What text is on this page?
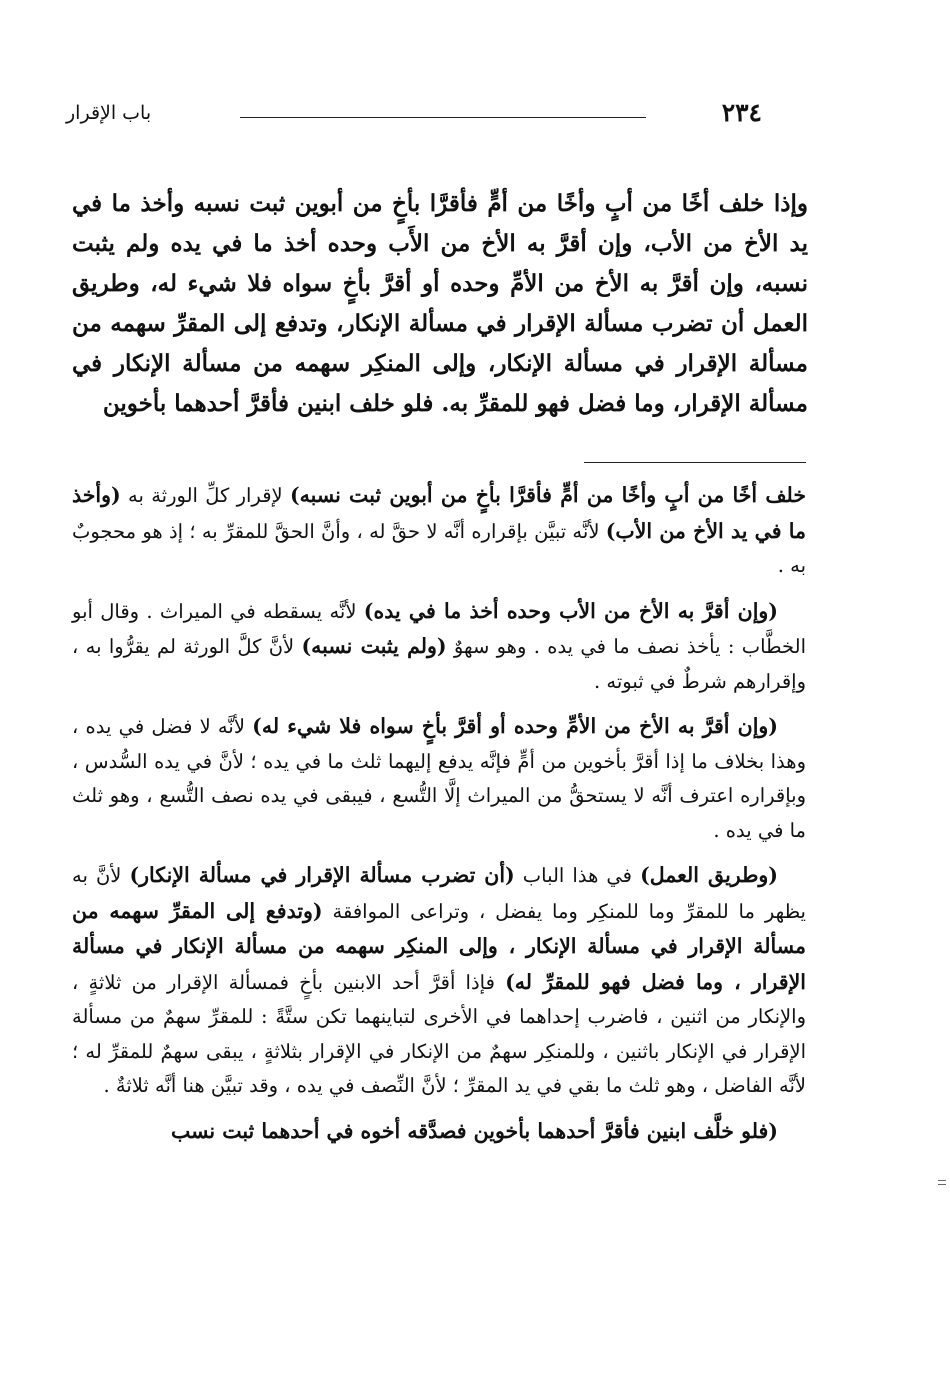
٢٣٤
باب الإقرار

وإذا خلف أخًا من أبٍ وأخًا من أمٍّ فأقرَّا بأخٍ من أبوين ثبت نسبه وأخذ ما في يد الأخ من الأب، وإن أقرَّ به الأخ من الأَب وحده أخذ ما في يده ولم يثبت نسبه، وإن أقرَّ به الأخ من الأمِّ وحده أو أقرَّ بأخٍ سواه فلا شيء له، وطريق العمل أن تضرب مسألة الإقرار في مسألة الإنكار، وتدفع إلى المقرِّ سهمه من مسألة الإقرار في مسألة الإنكار، وإلى المنكِر سهمه من مسألة الإنكار في مسألة الإقرار، وما فضل فهو للمقرِّ به. فلو خلف ابنين فأقرَّ أحدهما بأخوين

خلف أخًا من أبٍ وأخًا من أمٍّ فأقرَّا بأخٍ من أبوين ثبت نسبه) لإقرار كلِّ الورثة به (وأخذ ما في يد الأخ من الأب) لأنَّه تبيَّن بإقراره أنَّه لا حقَّ له ، وأنَّ الحقَّ للمقرِّ به ؛ إذ هو محجوبٌ به .

(وإن أقرَّ به الأخ من الأب وحده أخذ ما في يده) لأنَّه يسقطه في الميراث . وقال أبو الخطَّاب : يأخذ نصف ما في يده . وهو سهوٌ (ولم يثبت نسبه) لأنَّ كلَّ الورثة لم يقرُّوا به ، وإقرارهم شرطٌ في ثبوته .

(وإن أقرَّ به الأخ من الأمِّ وحده أو أقرَّ بأخٍ سواه فلا شيء له) لأنَّه لا فضل في يده ، وهذا بخلاف ما إذا أقرَّ بأخوين من أمٍّ فإنَّه يدفع إليهما ثلث ما في يده ؛ لأنَّ في يده السُّدس ، وبإقراره اعترف أنَّه لا يستحقُّ من الميراث إلَّا التُّسع ، فيبقى في يده نصف التُّسع ، وهو ثلث ما في يده .

(وطريق العمل) في هذا الباب (أن تضرب مسألة الإقرار في مسألة الإنكار) لأنَّ به يظهر ما للمقرِّ وما للمنكِر وما يفضل ، وتراعى الموافقة (وتدفع إلى المقرِّ سهمه من مسألة الإقرار في مسألة الإنكار ، وإلى المنكِر سهمه من مسألة الإنكار في مسألة الإقرار ، وما فضل فهو للمقرِّ له) فإذا أقرَّ أحد الابنين بأخٍ فمسألة الإقرار من ثلاثةٍ ، والإنكار من اثنين ، فاضرب إحداهما في الأخرى لتباينهما تكن ستَّةً : للمقرِّ سهمٌ من مسألة الإقرار في الإنكار باثنين ، وللمنكِر سهمٌ من الإنكار في الإقرار بثلاثةٍ ، يبقى سهمٌ للمقرِّ له ؛ لأنَّه الفاضل ، وهو ثلث ما بقي في يد المقرِّ ؛ لأنَّ النِّصف في يده ، وقد تبيَّن هنا أنَّه ثلاثةٌ .

(فلو خلَّف ابنين فأقرَّ أحدهما بأخوين فصدَّقه أخوه في أحدهما ثبت نسب
